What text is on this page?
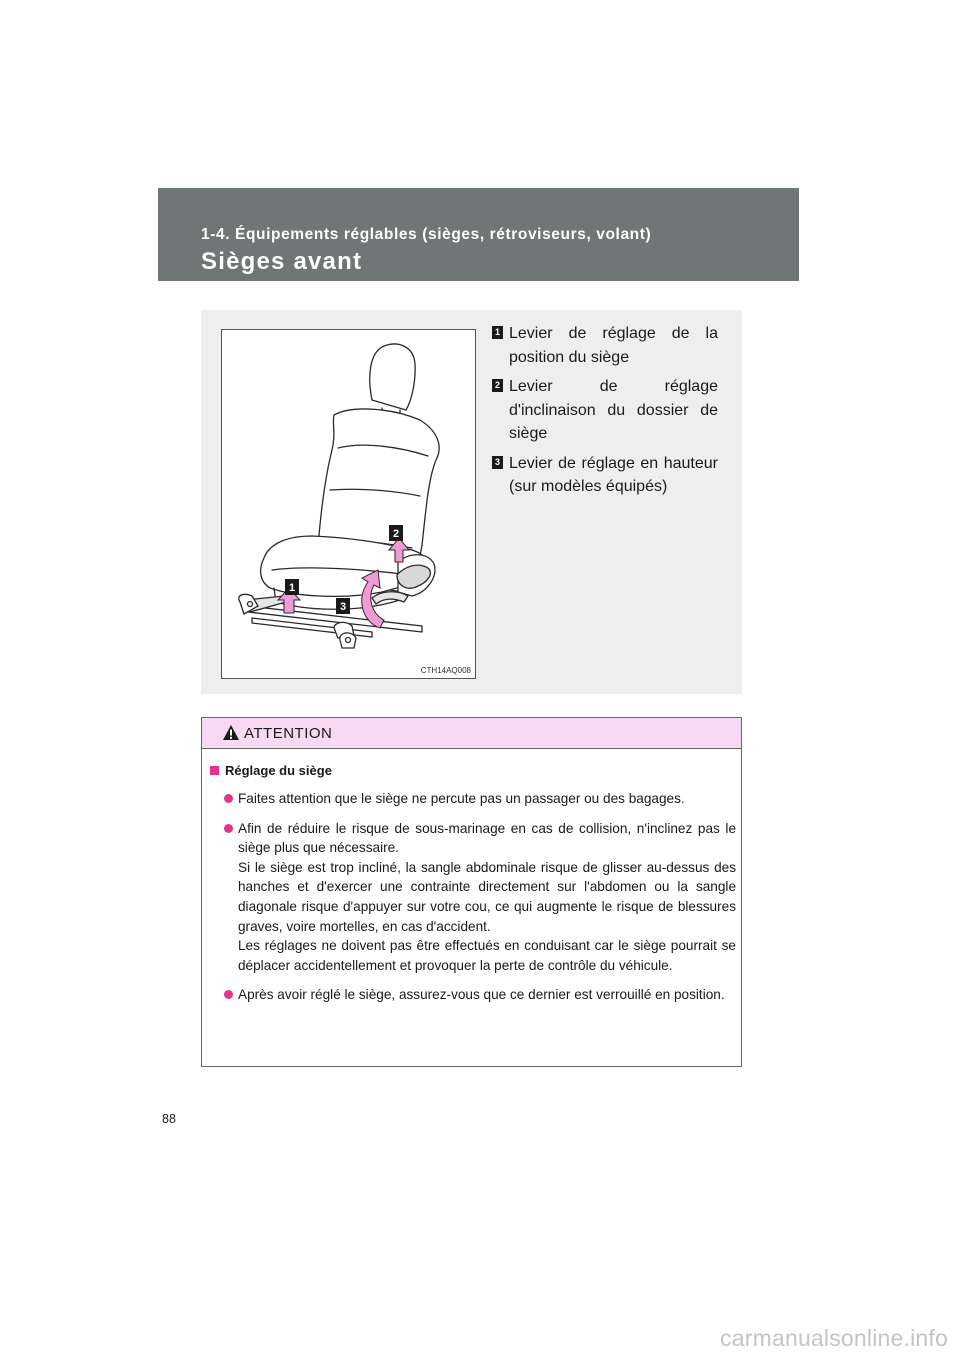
1-4. Équipements réglables (sièges, rétroviseurs, volant)
Sièges avant
1
2
3
CTH14AQ008
1 Levier de réglage de la position du siège
2 Levier de réglage d'inclinaison du dossier de siège
3 Levier de réglage en hauteur (sur modèles équipés)
ATTENTION
Réglage du siège
Faites attention que le siège ne percute pas un passager ou des bagages.
Afin de réduire le risque de sous-marinage en cas de collision, n'inclinez pas le siège plus que nécessaire.
Si le siège est trop incliné, la sangle abdominale risque de glisser au-dessus des hanches et d'exercer une contrainte directement sur l'abdomen ou la sangle diagonale risque d'appuyer sur votre cou, ce qui augmente le risque de blessures graves, voire mortelles, en cas d'accident.
Les réglages ne doivent pas être effectués en conduisant car le siège pourrait se déplacer accidentellement et provoquer la perte de contrôle du véhicule.
Après avoir réglé le siège, assurez-vous que ce dernier est verrouillé en position.
88
carmanualsonline.info
